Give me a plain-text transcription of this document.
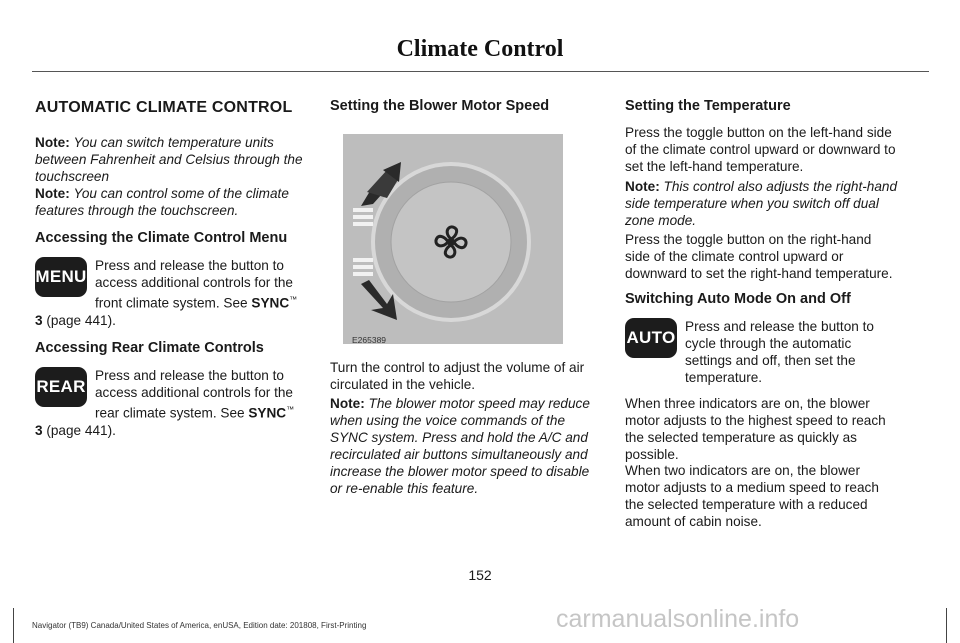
Climate Control
AUTOMATIC CLIMATE CONTROL
Note: You can switch temperature units between Fahrenheit and Celsius through the touchscreen
Note: You can control some of the climate features through the touchscreen.
Accessing the Climate Control Menu
MENU
Press and release the button to access additional controls for the front climate system. See SYNC™
3 (page 441).
Accessing Rear Climate Controls
REAR
Press and release the button to access additional controls for the rear climate system. See SYNC™
3 (page 441).
Setting the Blower Motor Speed
E265389
Turn the control to adjust the volume of air circulated in the vehicle.
Note: The blower motor speed may reduce when using the voice commands of the SYNC system. Press and hold the A/C and recirculated air buttons simultaneously and increase the blower motor speed to disable or re-enable this feature.
Setting the Temperature
Press the toggle button on the left-hand side of the climate control upward or downward to set the left-hand temperature.
Note: This control also adjusts the right-hand side temperature when you switch off dual zone mode.
Press the toggle button on the right-hand side of the climate control upward or downward to set the right-hand temperature.
Switching Auto Mode On and Off
AUTO
Press and release the button to cycle through the automatic settings and off, then set the temperature.
When three indicators are on, the blower motor adjusts to the highest speed to reach the selected temperature as quickly as possible.
When two indicators are on, the blower motor adjusts to a medium speed to reach the selected temperature with a reduced amount of cabin noise.
152
Navigator (TB9) Canada/United States of America, enUSA, Edition date: 201808, First-Printing	carmanualsonline.info
